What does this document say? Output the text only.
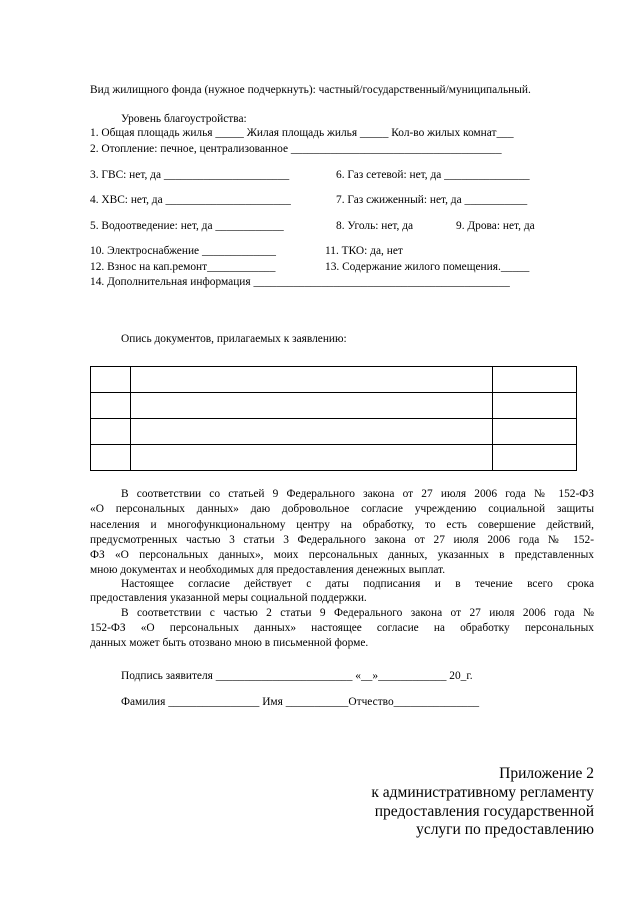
Вид жилищного фонда (нужное подчеркнуть): частный/государственный/муниципальный.
Уровень благоустройства:
1. Общая площадь жилья _____ Жилая площадь жилья _____ Кол-во жилых комнат___
2. Отопление: печное, централизованное _____________________________________
3. ГВС: нет, да ______________________	6. Газ сетевой: нет, да _______________
4. ХВС: нет, да ______________________	7. Газ сжиженный: нет, да ___________
5. Водоотведение: нет, да ____________	8. Уголь: нет, да	9. Дрова: нет, да
10. Электроснабжение _____________	11. ТКО: да, нет
12. Взнос на кап.ремонт____________	13. Содержание жилого помещения._____
14. Дополнительная информация _____________________________________________
Опись документов, прилагаемых к заявлению:

В соответствии со статьей 9 Федерального закона от 27 июля 2006 года № 152-ФЗ
«О персональных данных» даю добровольное согласие учреждению социальной защиты
населения и многофункциональному центру на обработку, то есть совершение действий,
предусмотренных частью 3 статьи 3 Федерального закона от 27 июля 2006 года № 152-
ФЗ «О персональных данных», моих персональных данных, указанных в представленных
мною документах и необходимых для предоставления денежных выплат.
Настоящее согласие действует с даты подписания и в течение всего срока
предоставления указанной меры социальной поддержки.
В соответствии с частью 2 статьи 9 Федерального закона от 27 июля 2006 года №
152-ФЗ «О персональных данных» настоящее согласие на обработку персональных
данных может быть отозвано мною в письменной форме.
Подпись заявителя ________________________ «__»____________ 20_г.
Фамилия ________________ Имя ___________Отчество_______________
Приложение 2
к административному регламенту
предоставления государственной
услуги по предоставлению
